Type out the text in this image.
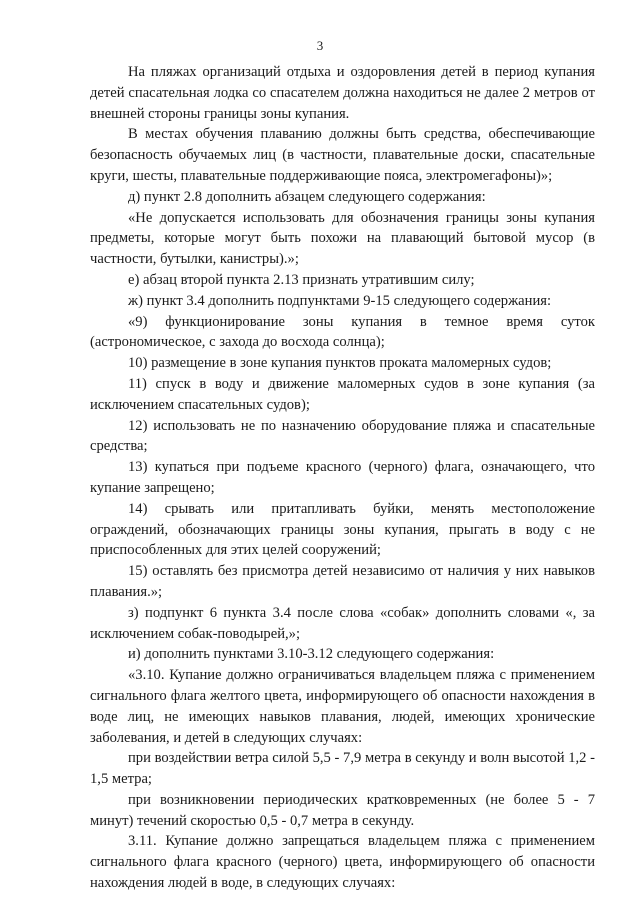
3

На пляжах организаций отдыха и оздоровления детей в период купания детей спасательная лодка со спасателем должна находиться не далее 2 метров от внешней стороны границы зоны купания.

В местах обучения плаванию должны быть средства, обеспечивающие безопасность обучаемых лиц (в частности, плавательные доски, спасательные круги, шесты, плавательные поддерживающие пояса, электромегафоны)»;

д) пункт 2.8 дополнить абзацем следующего содержания:

«Не допускается использовать для обозначения границы зоны купания предметы, которые могут быть похожи на плавающий бытовой мусор (в частности, бутылки, канистры).»;

е) абзац второй пункта 2.13 признать утратившим силу;

ж) пункт 3.4 дополнить подпунктами 9-15 следующего содержания:

«9) функционирование зоны купания в темное время суток (астрономическое, с захода до восхода солнца);

10) размещение в зоне купания пунктов проката маломерных судов;

11) спуск в воду и движение маломерных судов в зоне купания (за исключением спасательных судов);

12) использовать не по назначению оборудование пляжа и спасательные средства;

13) купаться при подъеме красного (черного) флага, означающего, что купание запрещено;

14) срывать или притапливать буйки, менять местоположение ограждений, обозначающих границы зоны купания, прыгать в воду с не приспособленных для этих целей сооружений;

15) оставлять без присмотра детей независимо от наличия у них навыков плавания.»;

з) подпункт 6 пункта 3.4 после слова «собак» дополнить словами «, за исключением собак-поводырей,»;

и) дополнить пунктами 3.10-3.12 следующего содержания:

«3.10. Купание должно ограничиваться владельцем пляжа с применением сигнального флага желтого цвета, информирующего об опасности нахождения в воде лиц, не имеющих навыков плавания, людей, имеющих хронические заболевания, и детей в следующих случаях:

при воздействии ветра силой 5,5 - 7,9 метра в секунду и волн высотой 1,2 - 1,5 метра;

при возникновении периодических кратковременных (не более 5 - 7 минут) течений скоростью 0,5 - 0,7 метра в секунду.

3.11. Купание должно запрещаться владельцем пляжа с применением сигнального флага красного (черного) цвета, информирующего об опасности нахождения людей в воде, в следующих случаях:
